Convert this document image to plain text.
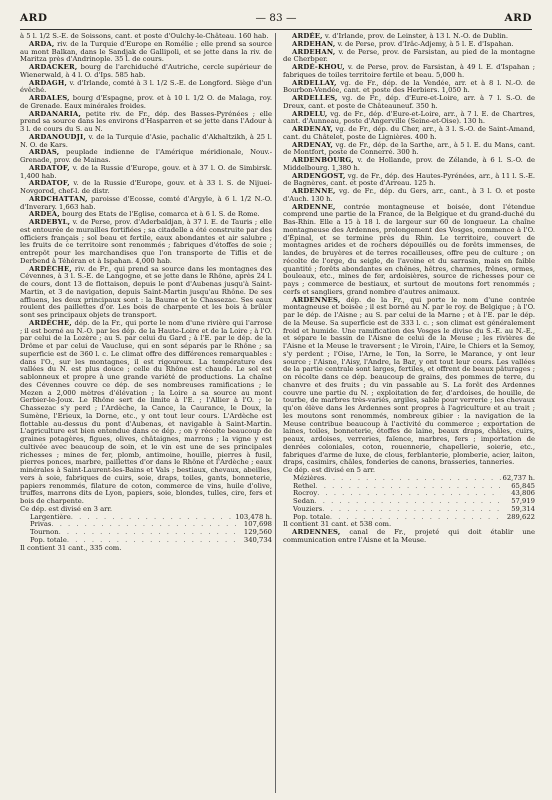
ARD	— 83 —	ARD

à 5 l. 1/2 S.-E. de Soissons, cant. et poste d'Oulchy-le-Château. 160 hab.

ARDA, riv. de la Turquie d'Europe en Romélie ; elle prend sa source au mont Balkan, dans le Sandjak de Gallipoli, et se jette dans la riv. de Maritza près d'Andrinople. 35 l. de cours.

ARDACKER, bourg de l'archiduché d'Autriche, cercle supérieur de Wienerwald, à 4 l. O. d'Ips. 585 hab.

ARDAGH, v. d'Irlande, comté à 3 l. 1/2 S.-E. de Longford. Siège d'un évêché.

ARDALES, bourg d'Espagne, prov. et à 10 l. 1/2 O. de Malaga, roy. de Grenade. Eaux minérales froides.

ARDANARIA, petite riv. de Fr., dép. des Basses-Pyrénées ; elle prend sa source dans les environs d'Hasparren et se jette dans l'Adour à 3 l. de cours du S. au N.

ARDANOUDJI, v. de la Turquie d'Asie, pachalic d'Akhaltzikh, à 25 l. N. O. de Kars.

ARDAS, peuplade indienne de l'Amérique méridionale, Nouv.-Grenade, prov. de Mainas.

ARDATOF, v. de la Russie d'Europe, gouv. et à 37 l. O. de Simbirsk. 1,400 hab.

ARDATOF, v. de la Russie d'Europe, gouv. et à 33 l. S. de Nijuei-Novgorod, chef-l. de distr.

ARDCHATTAN, paroisse d'Ecosse, comté d'Argyle, à 6 l. 1/2 N.-O. d'Inverary. 1,663 hab.

ARDEA, bourg des Etats de l'Eglise, comarca et à 6 l. S. de Rome.

ARDEBYL, v. de Perse, prov. d'Aderbaïdjan, à 37 l. E. de Tauris ; elle est entourée de murailles fortifiées ; sa citadelle a été construite par des officiers français ; sol beau et fertile, eaux abondantes et air salubre ; les fruits de ce territoire sont renommés ; fabriques d'étoffes de soie ; entrepôt pour les marchandises que l'on transporte de Tiflis et de Derbend à Téhéran et à Ispahan. 4,000 hab.

ARDÈCHE, riv. de Fr., qui prend sa source dans les montagnes des Cévennes, à 3 l. S.-E. de Langogne, et se jette dans le Rhône, après 24 l. de cours, dont 13 de flottaison, depuis le pont d'Aubenas jusqu'à Saint-Martin, et 3 de navigation, depuis Saint-Martin jusqu'au Rhône. De ses affluens, les deux principaux sont : la Baume et le Chassezac. Ses eaux roulent des paillettes d'or. Les bois de charpente et les bois à brûler sont ses principaux objets de transport.

ARDÈCHE, dép. de la Fr., qui porte le nom d'une rivière qui l'arrose ; il est borné au N.-O. par les dép. de la Haute-Loire et de la Loire ; à l'O. par celui de la Lozère ; au S. par celui du Gard ; à l'E. par le dép. de la Drôme et par celui de Vaucluse, qui en sont séparés par le Rhône ; sa superficie est de 360 l. c. Le climat offre des différences remarquables : dans l'O., sur les montagnes, il est rigoureux. La température des vallées du N. est plus douce ; celle du Rhône est chaude. Le sol est sablonneux et propre à une grande variété de productions. La chaîne des Cévennes couvre ce dép. de ses nombreuses ramifications ; le Mezen a 2,000 mètres d'élévation ; la Loire a sa source au mont Gerbier-le-Joux. Le Rhône sert de limite à l'E. ; l'Allier à l'O. ; le Chassezac s'y perd ; l'Ardèche, la Cance, la Caurance, le Doux, la Sumène, l'Erieux, la Dorne, etc., y ont tout leur cours. L'Ardèche est flottable au-dessus du pont d'Aubenas, et navigable à Saint-Martin. L'agriculture est bien entendue dans ce dép. ; on y récolte beaucoup de graines potagères, figues, olives, châtaignes, marrons ; la vigne y est cultivée avec beaucoup de soin, et le vin est une de ses principales richesses ; mines de fer, plomb, antimoine, houille, pierres à fusil, pierres ponces, marbre, paillettes d'or dans le Rhône et l'Ardèche ; eaux minérales à Saint-Laurent-les-Bains et Vals ; bestiaux, chevaux, abeilles, vers à soie, fabriques de cuirs, soie, draps, toiles, gants, bonneterie, papiers renommés, filature de coton, commerce de vins, huile d'olive, truffes, marrons dits de Lyon, papiers, soie, blondes, tulles, cire, fers et bois de charpente.

Ce dép. est divisé en 3 arr.

Largentière . . .	103,478 h.
Privas . . .	107,698
Tournon . . .	129,560
Pop. totale . . .	340,734

Il contient 31 cant., 335 com.

ARDÉE, v. d'Irlande, prov. de Leinster, à 13 l. N.-O. de Dublin.

ARDEHAN, v. de Perse, prov. d'Irâc-Adjemy, à 5 l. E. d'Ispahan.

ARDEHAN, v. de Perse, prov. de Farsistan, au pied de la montagne de Cherbper.

ARDÉ-KHOU, v. de Perse, prov. de Farsistan, à 49 l. E. d'Ispahan ; fabriques de toiles territoire fertile et beau. 5,000 h.

ARDELLAY, vg. de Fr., dép. de la Vendée, arr. et à 8 l. N.-O. de Bourbon-Vendée, cant. et poste des Herbiers. 1,050 h.

ARDELLES, vg. de Fr., dép. d'Eure-et-Loire, arr. à 7 l. S.-O. de Dreux, cant. et poste de Châteauneuf. 350 h.

ARDELU, vg. de Fr., dép. d'Eure-et-Loire, arr., à 7 l. E. de Chartres, cant. d'Aunneau, poste d'Angerville (Seine-et-Oise). 130 h.

ARDENAY, vg. de Fr., dép. du Cher, arr., à 3 l. S.-O. de Saint-Amand, cant. du Châtelet, poste de Lignières. 400 h.

ARDENAY, vg. de Fr., dép. de la Sarthe, arr., à 5 l. E. du Mans, cant. de Montfort, poste de Connerré. 300 h.

ARDENBOURG, v. de Hollande, prov. de Zélande, à 6 l. S.-O. de Middelbourg. 1,380 h.

ARDENGOST, vg. de Fr., dép. des Hautes-Pyrénées, arr., à 11 l. S.-E. de Bagnères, cant. et poste d'Arreau. 125 h.

ARDENNE, vg. de Fr., dép. du Gers, arr., cant., à 3 l. O. et poste d'Auch. 130 h.

ARDENNE, contrée montagneuse et boisée, dont l'étendue comprend une partie de la France, de la Belgique et du grand-duché du Bas-Rhin. Elle a 15 à 18 l. de largeur sur 60 de longueur. La chaîne montagneuse des Ardennes, prolongement des Vosges, commence à l'O. d'Épinal, et se termine près du Rhin. Le territoire, couvert de montagnes arides et de rochers dépouillés ou de forêts immenses, de landes, de bruyères et de terres rocailleuses, offre peu de culture ; on récolte de l'orge, du seigle, de l'avoine et du sarrasin, mais en faible quantité ; forêts abondantes en chênes, hêtres, charmes, frênes, ormes, bouleaux, etc., mines de fer, ardoisières, source de richesses pour ce pays ; commerce de bestiaux, et surtout de moutons fort renommés ; cerfs et sangliers, grand nombre d'autres animaux.

ARDENNES, dép. de la Fr., qui porte le nom d'une contrée montagneuse et boisée ; il est borné au N. par le roy. de Belgique ; à l'O. par le dép. de l'Aisne ; au S. par celui de la Marne ; et à l'E. par le dép. de la Meuse. Sa superficie est de 333 l. c. ; son climat est généralement froid et humide. Une ramification des Vosges le divise du S.-E. au N.-E., et sépare le bassin de l'Aisne de celui de la Meuse ; les rivières de l'Aisne et la Meuse le traversent ; le Viroin, l'Aire, le Chiers et la Semoy, s'y perdent ; l'Oise, l'Arne, le Ton, la Sorre, le Marance, y ont leur source ; l'Aisne, l'Aisy, l'Andre, la Bar, y ont tout leur cours. Les vallées de la partie centrale sont larges, fertiles, et offrent de beaux pâturages ; on récolte dans ce dép. beaucoup de grains, des pommes de terre, du chanvre et des fruits ; du vin passable au S. La forêt des Ardennes couvre une partie du N. ; exploitation de fer, d'ardoises, de houille, de tourbe, de marbres très-variés, argiles, sable pour verrerie ; les chevaux qu'on élève dans les Ardennes sont propres à l'agriculture et au trait ; les moutons sont renommés, nombreux gibier : la navigation de la Meuse contribue beaucoup à l'activité du commerce ; exportation de laines, toiles, bonneterie, étoffes de laine, beaux draps, châles, cuirs, peaux, ardoises, verreries, faïence, marbres, fers ; importation de denrées coloniales, coton, rouennerie, chapellerie, soierie, etc., fabriques d'arme de luxe, de clous, ferblanterie, plomberie, acier, laiton, draps, casimirs, châles, fonderies de canons, brasseries, tanneries.

Ce dép. est divisé en 5 arr.

Mézières . . .	62,737 h.
Rethel . . .	65,845
Rocroy . . .	43,806
Sedan . . .	57,919
Vouziers . . .	59,314
Pop. totale . . .	289,622

Il contient 31 cant. et 538 com.

ARDENNES, canal de Fr., projeté qui doit établir une communication entre l'Aisne et la Meuse.
